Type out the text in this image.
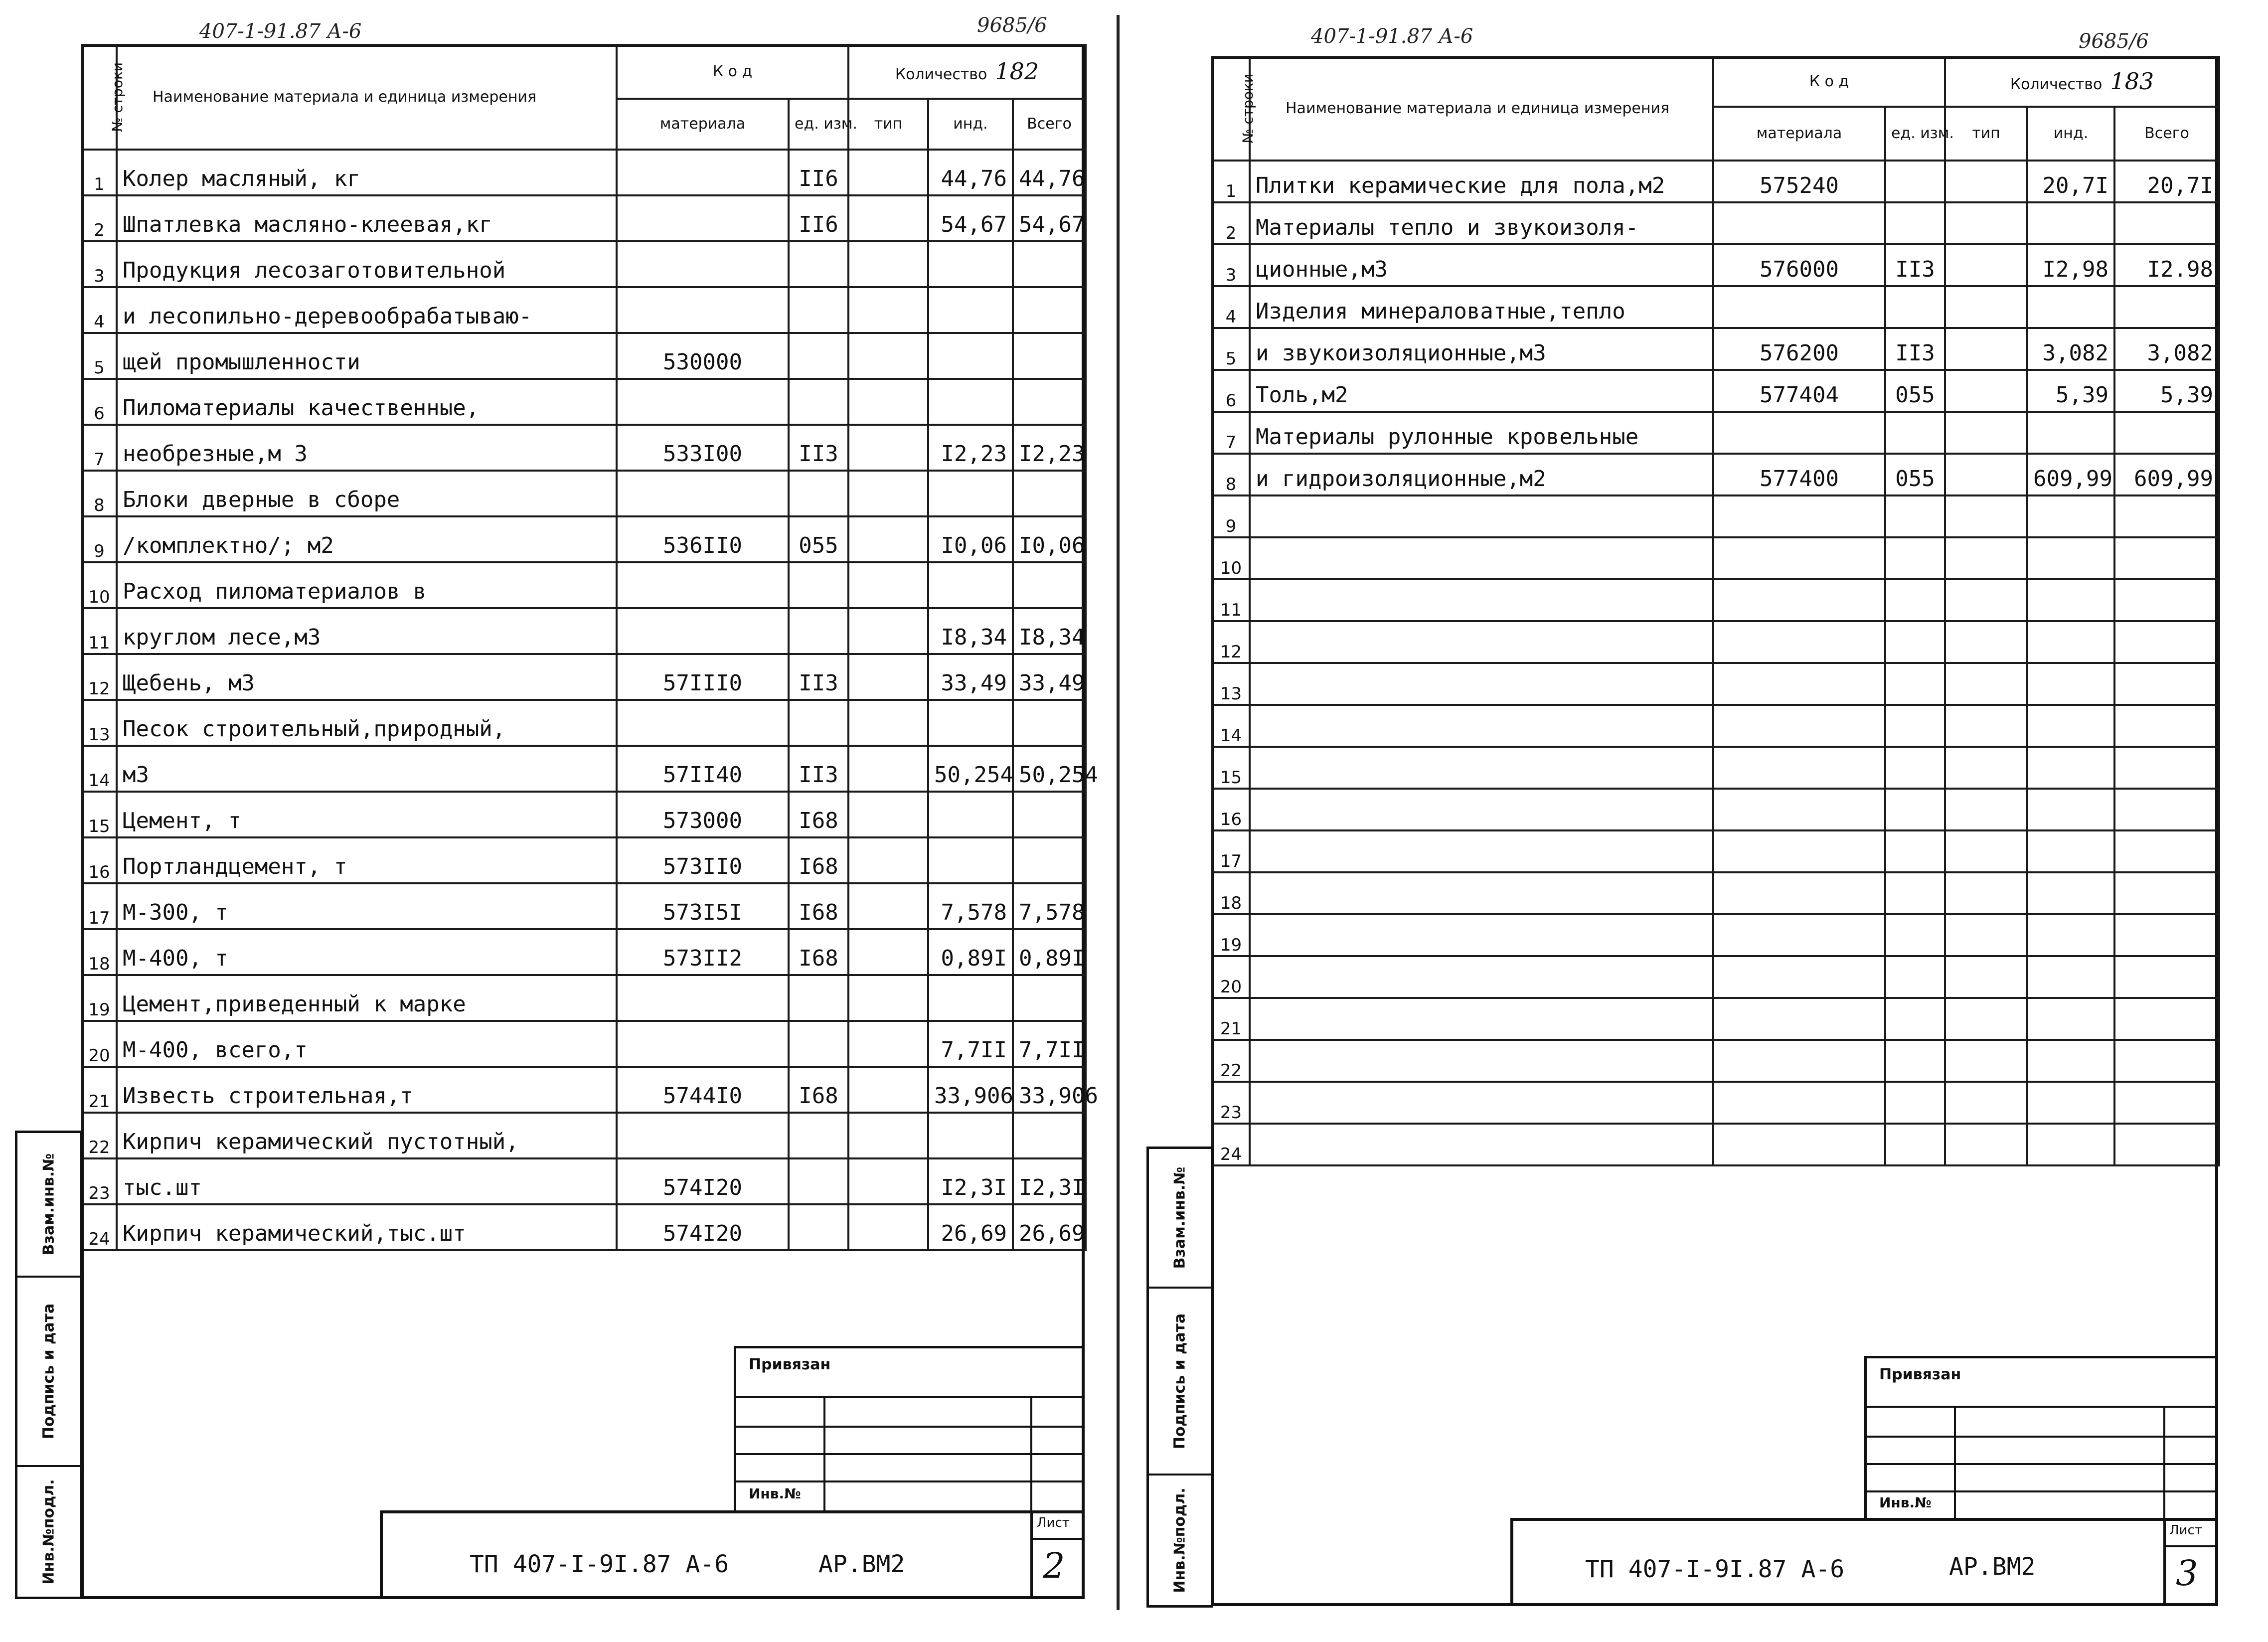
407-1-91.87 А-6	9685/6
№ строки	Наименование материала и единица измерения	К о д		Количество 182		
		материала	ед. изм.	тип	инд.	Всего
1	Колер масляный, кг		II6		44,76	44,76
2	Шпатлевка масляно-клеевая,кг		II6		54,67	54,67
3	Продукция лесозаготовительной					
4	и лесопильно-деревообрабатываю-					
5	щей промышленности	530000				
6	Пиломатериалы качественные,					
7	необрезные,м 3	533I00	II3		I2,23	I2,23
8	Блоки дверные в сборе					
9	/комплектно/; м2	536II0	055		I0,06	I0,06
10	Расход пиломатериалов в					
11	круглом лесе,м3				I8,34	I8,34
12	Щебень, м3	57III0	II3		33,49	33,49
13	Песок строительный,природный,					
14	м3	57II40	II3		50,254	50,254
15	Цемент, т	573000	I68			
16	Портландцемент, т	573II0	I68			
17	М-300, т	573I5I	I68		7,578	7,578
18	М-400, т	573II2	I68		0,89I	0,89I
19	Цемент,приведенный к марке					
20	М-400, всего,т				7,7II	7,7II
21	Известь строительная,т	5744I0	I68		33,906	33,906
22	Кирпич керамический пустотный,					
23	тыс.шт	574I20			I2,3I	I2,3I
24	Кирпич керамический,тыс.шт	574I20			26,69	26,69
Взам.инв.№
Подпись и дата
Инв.№подл.
Привязан
Инв.№
Лист
ТП 407-I-9I.87 А-6	АР.ВМ2	2
407-1-91.87 А-6	9685/6
№ строки	Наименование материала и единица измерения	К о д		Количество 183		
		материала	ед. изм.	тип	инд.	Всего
1	Плитки керамические для пола,м2	575240			20,7I	20,7I
2	Материалы тепло и звукоизоля-					
3	ционные,м3	576000	II3		I2,98	I2.98
4	Изделия минераловатные,тепло					
5	и звукоизоляционные,м3	576200	II3		3,082	3,082
6	Толь,м2	577404	055		5,39	5,39
7	Материалы рулонные кровельные					
8	и гидроизоляционные,м2	577400	055		609,99	609,99
9						
10						
11						
12						
13						
14						
15						
16						
17						
18						
19						
20						
21						
22						
23						
24						
Взам.инв.№
Подпись и дата
Инв.№подл.
Привязан
Инв.№
Лист
ТП 407-I-9I.87 А-6	АР.ВМ2	3
